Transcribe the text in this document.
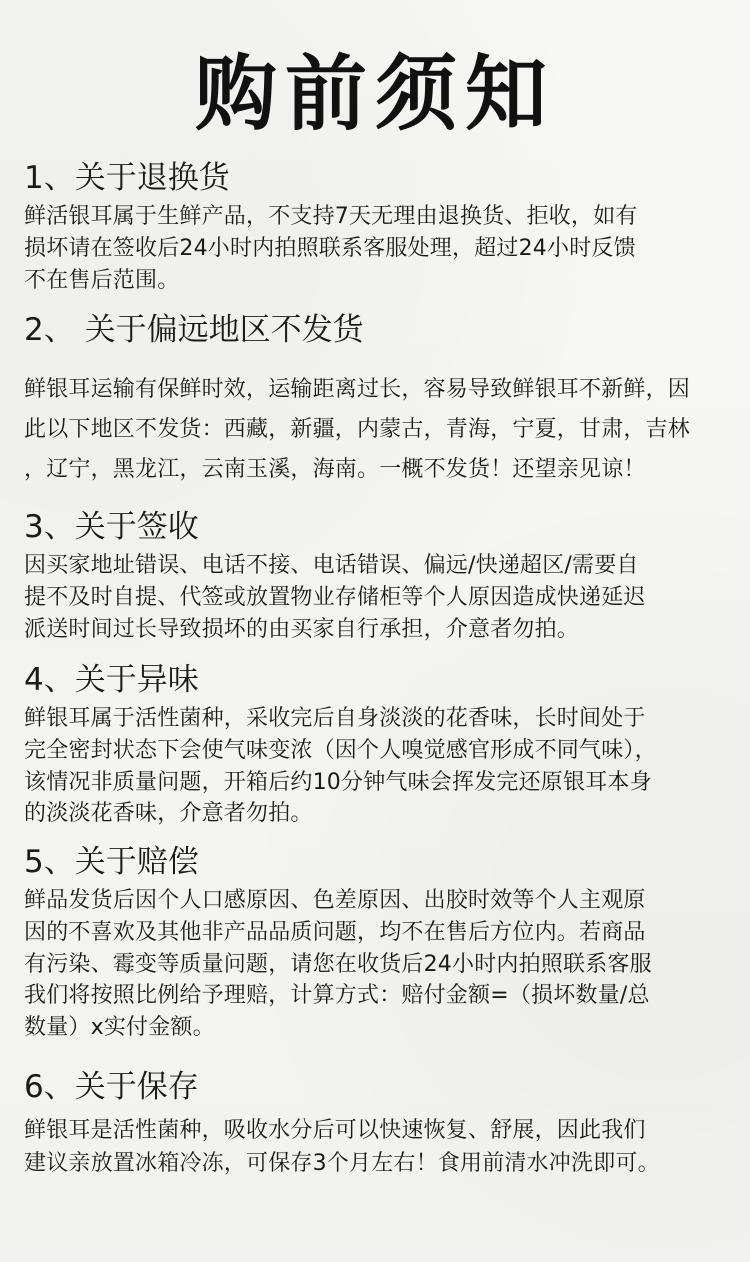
购前须知
1、关于退换货
鲜活银耳属于生鲜产品，不支持7天无理由退换货、拒收，如有
损坏请在签收后24小时内拍照联系客服处理，超过24小时反馈
不在售后范围。
2、 关于偏远地区不发货
鲜银耳运输有保鲜时效，运输距离过长，容易导致鲜银耳不新鲜，因
此以下地区不发货：西藏，新疆，内蒙古，青海，宁夏，甘肃，吉林
，辽宁，黑龙江，云南玉溪，海南。一概不发货！还望亲见谅！
3、关于签收
因买家地址错误、电话不接、电话错误、偏远/快递超区/需要自
提不及时自提、代签或放置物业存储柜等个人原因造成快递延迟
派送时间过长导致损坏的由买家自行承担，介意者勿拍。
4、关于异味
鲜银耳属于活性菌种，采收完后自身淡淡的花香味，长时间处于
完全密封状态下会使气味变浓（因个人嗅觉感官形成不同气味），
该情况非质量问题，开箱后约10分钟气味会挥发完还原银耳本身
的淡淡花香味，介意者勿拍。
5、关于赔偿
鲜品发货后因个人口感原因、色差原因、出胶时效等个人主观原
因的不喜欢及其他非产品品质问题，均不在售后方位内。若商品
有污染、霉变等质量问题，请您在收货后24小时内拍照联系客服
我们将按照比例给予理赔，计算方式：赔付金额=（损坏数量/总
数量）x实付金额。
6、关于保存
鲜银耳是活性菌种，吸收水分后可以快速恢复、舒展，因此我们
建议亲放置冰箱冷冻，可保存3个月左右！食用前清水冲洗即可。
